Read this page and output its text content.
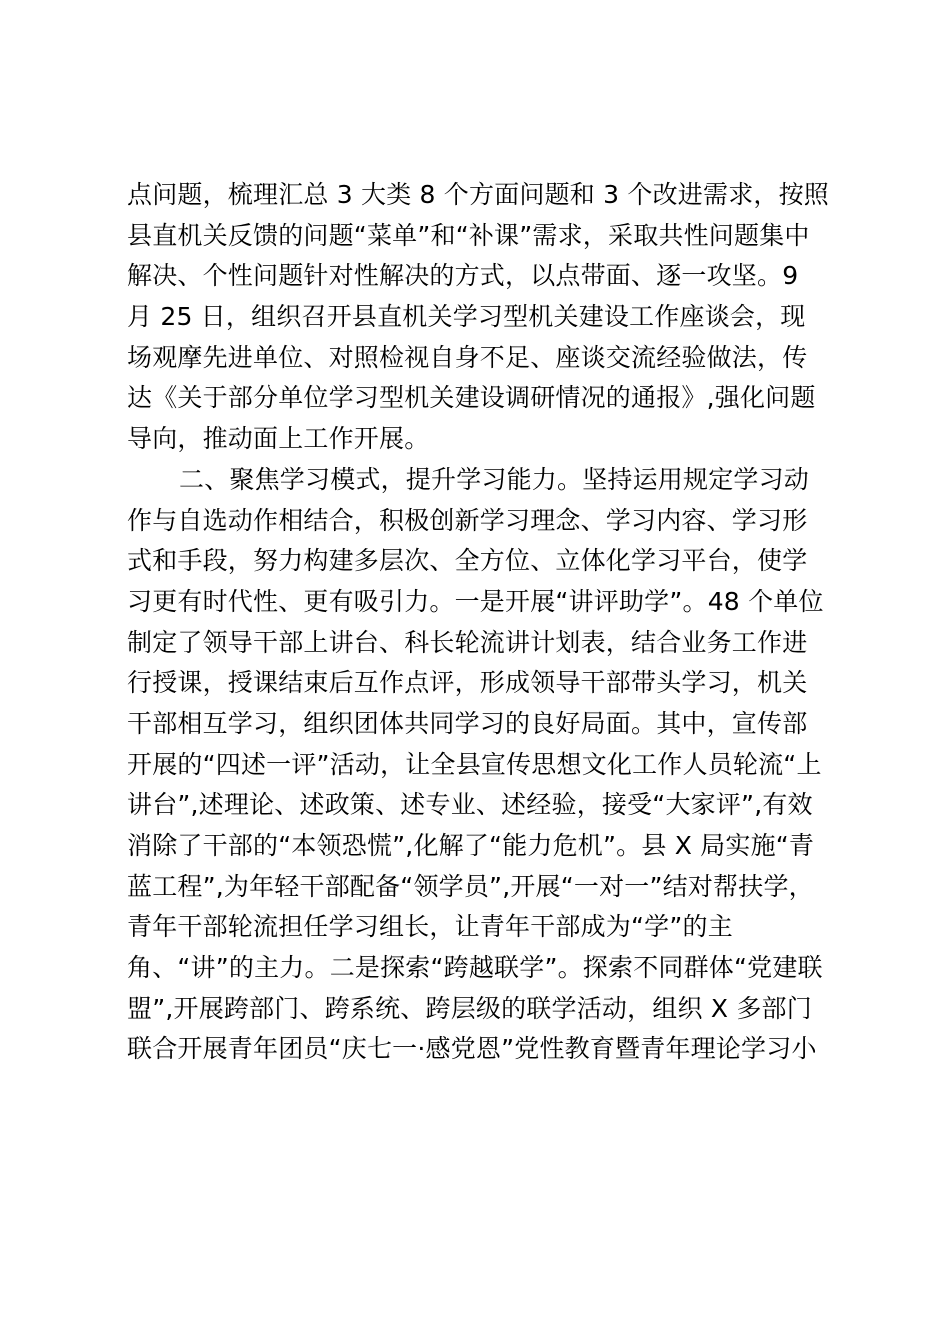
点问题，梳理汇总 3 大类 8 个方面问题和 3 个改进需求，按照
县直机关反馈的问题“菜单”和“补课”需求，采取共性问题集中
解决、个性问题针对性解决的方式，以点带面、逐一攻坚。9
月 25 日，组织召开县直机关学习型机关建设工作座谈会，现
场观摩先进单位、对照检视自身不足、座谈交流经验做法，传
达《关于部分单位学习型机关建设调研情况的通报》,强化问题
导向，推动面上工作开展。
二、聚焦学习模式，提升学习能力。坚持运用规定学习动
作与自选动作相结合，积极创新学习理念、学习内容、学习形
式和手段，努力构建多层次、全方位、立体化学习平台，使学
习更有时代性、更有吸引力。一是开展“讲评助学”。48 个单位
制定了领导干部上讲台、科长轮流讲计划表，结合业务工作进
行授课，授课结束后互作点评，形成领导干部带头学习，机关
干部相互学习，组织团体共同学习的良好局面。其中，宣传部
开展的“四述一评”活动，让全县宣传思想文化工作人员轮流“上
讲台”,述理论、述政策、述专业、述经验，接受“大家评”,有效
消除了干部的“本领恐慌”,化解了“能力危机”。县 X 局实施“青
蓝工程”,为年轻干部配备“领学员”,开展“一对一”结对帮扶学，
青年干部轮流担任学习组长，让青年干部成为“学”的主
角、“讲”的主力。二是探索“跨越联学”。探索不同群体“党建联
盟”,开展跨部门、跨系统、跨层级的联学活动，组织 X 多部门
联合开展青年团员“庆七一·感党恩”党性教育暨青年理论学习小
